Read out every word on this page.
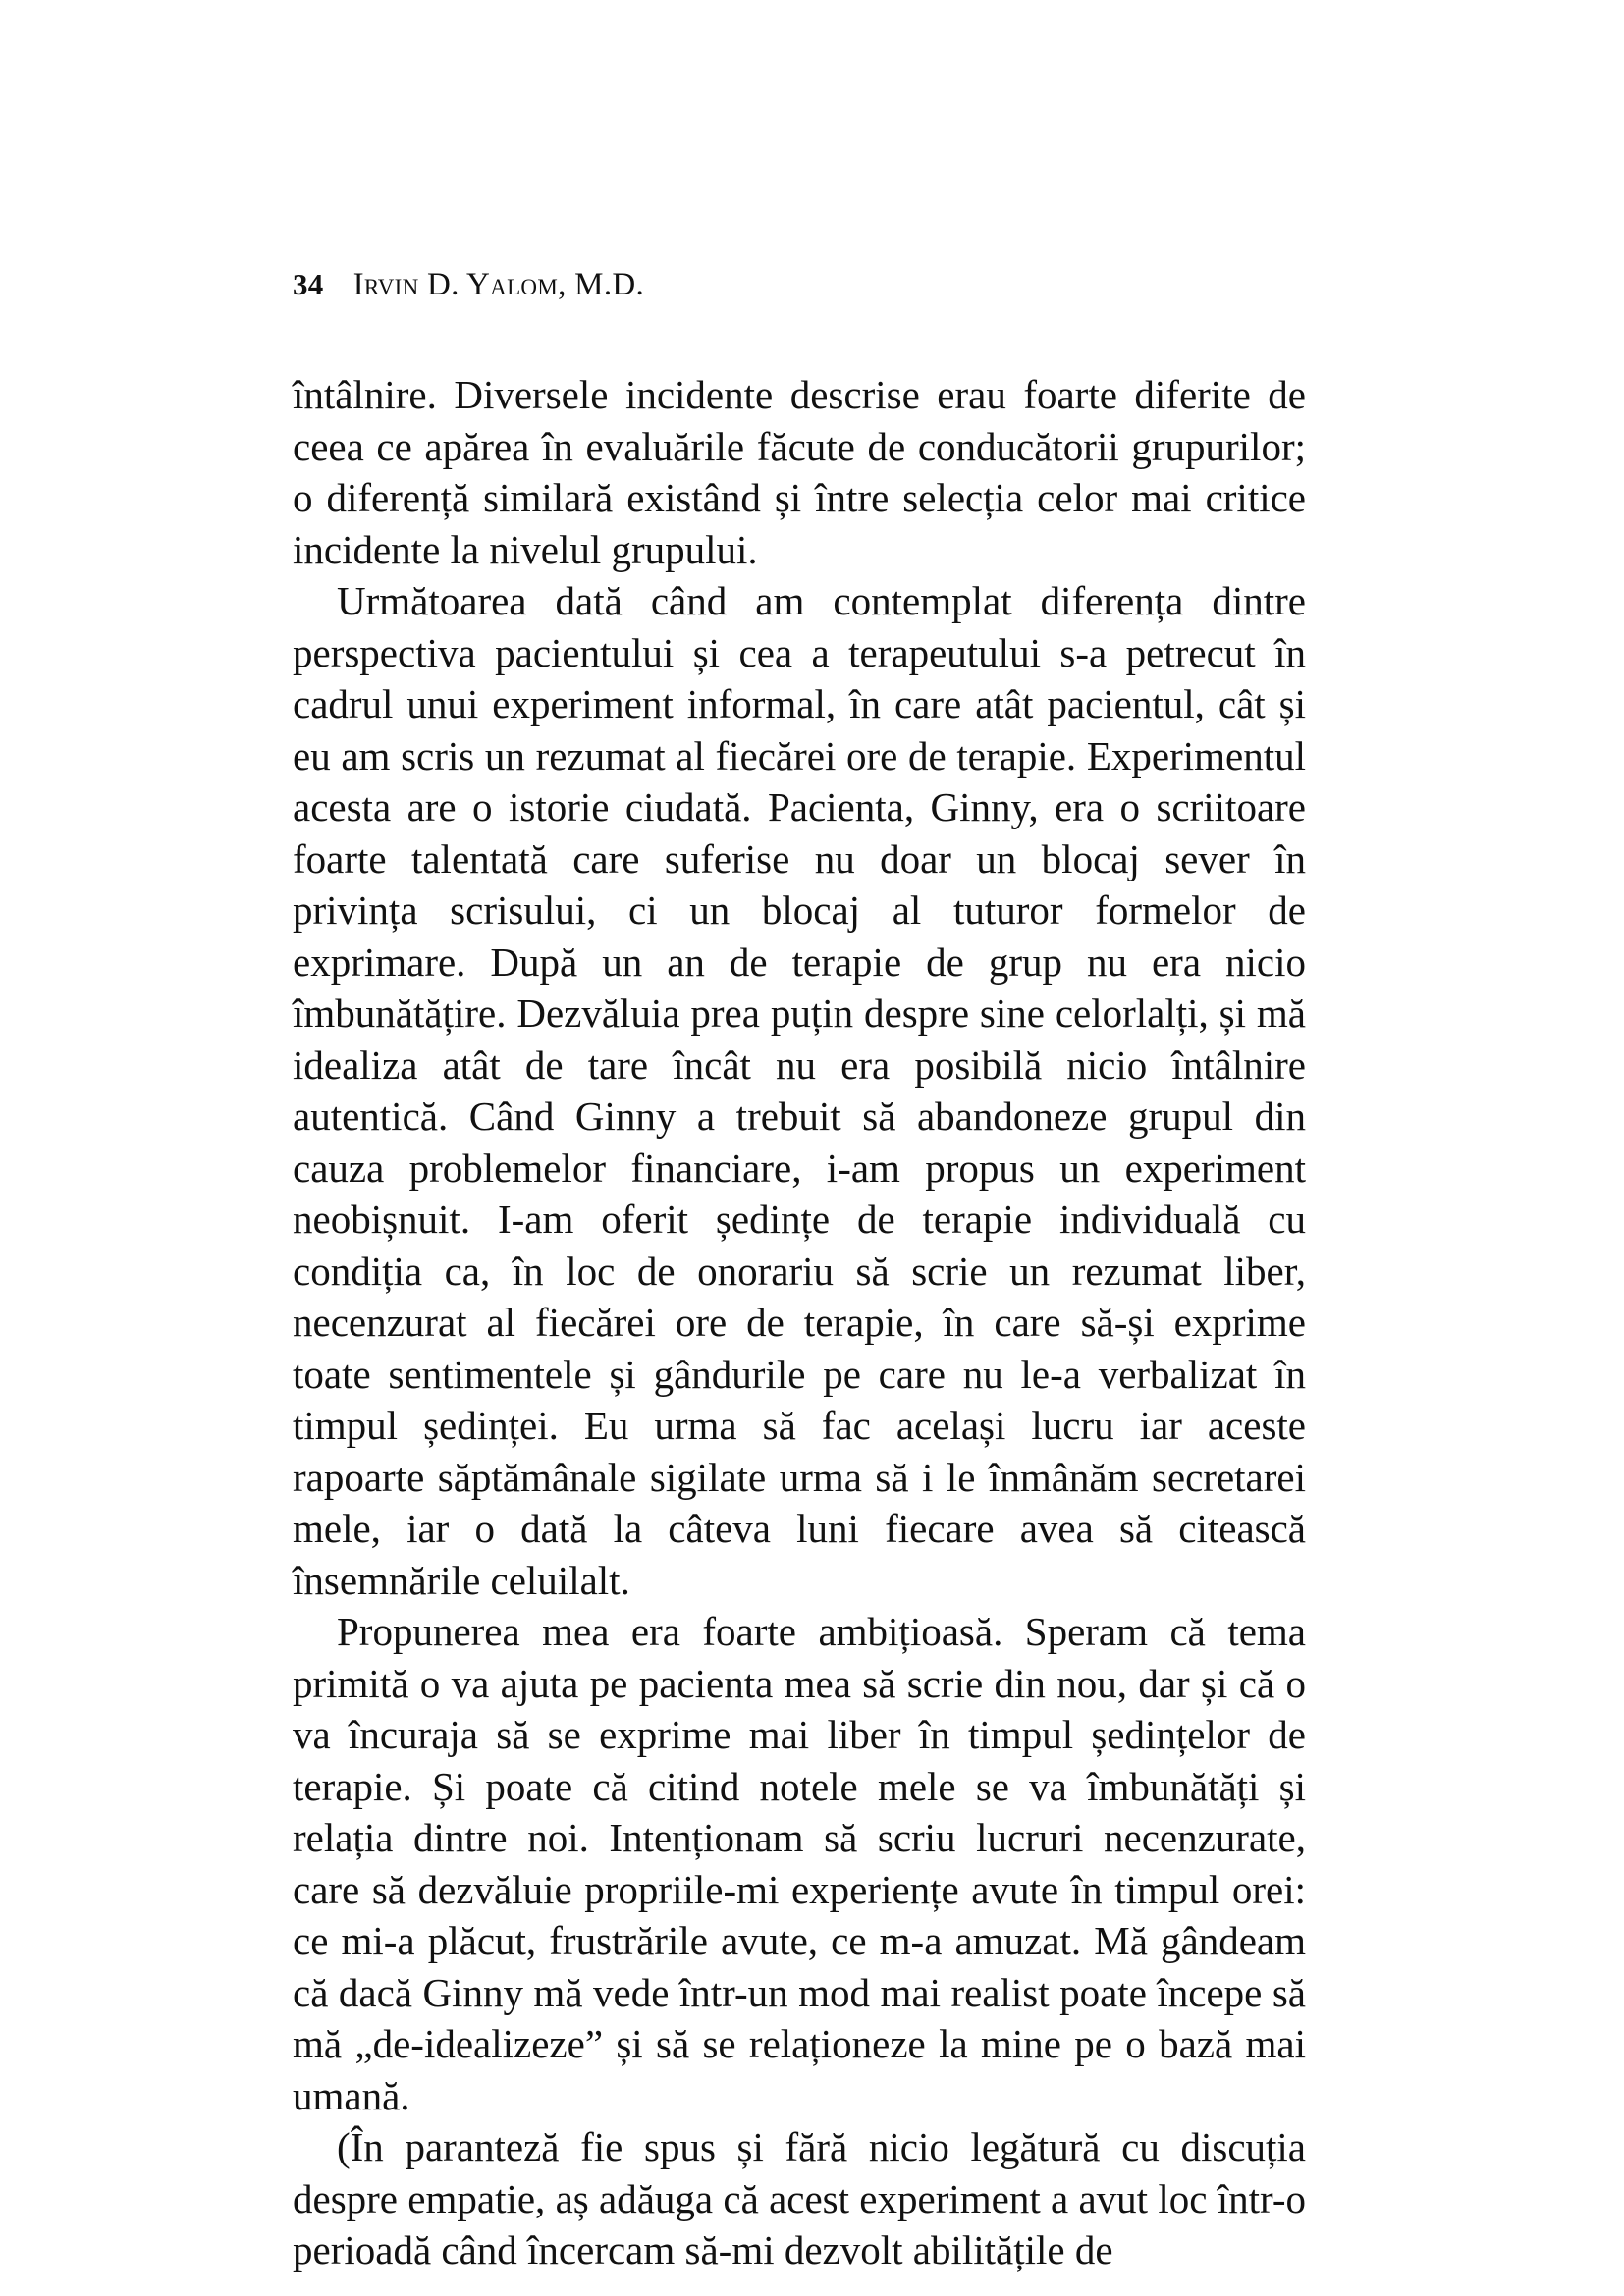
34 Irvin D. Yalom, M.D.

întâlnire. Diversele incidente descrise erau foarte diferite de ceea ce apărea în evaluările făcute de conducătorii grupurilor; o diferență similară existând și între selecția celor mai critice incidente la nivelul grupului.

Următoarea dată când am contemplat diferența dintre perspectiva pacientului și cea a terapeutului s-a petrecut în cadrul unui experiment informal, în care atât pacientul, cât și eu am scris un rezumat al fiecărei ore de terapie. Experimentul acesta are o istorie ciudată. Pacienta, Ginny, era o scriitoare foarte talentată care suferise nu doar un blocaj sever în privința scrisului, ci un blocaj al tuturor formelor de exprimare. După un an de terapie de grup nu era nicio îmbunătățire. Dezvăluia prea puțin despre sine celorlalți, și mă idealiza atât de tare încât nu era posibilă nicio întâlnire autentică. Când Ginny a trebuit să abandoneze grupul din cauza problemelor financiare, i-am propus un experiment neobișnuit. I-am oferit ședințe de terapie individuală cu condiția ca, în loc de onorariu să scrie un rezumat liber, necenzurat al fiecărei ore de terapie, în care să-și exprime toate sentimentele și gândurile pe care nu le-a verbalizat în timpul ședinței. Eu urma să fac același lucru iar aceste rapoarte săptămânale sigilate urma să i le înmânăm secretarei mele, iar o dată la câteva luni fiecare avea să citească însemnările celuilalt.

Propunerea mea era foarte ambițioasă. Speram că tema primită o va ajuta pe pacienta mea să scrie din nou, dar și că o va încuraja să se exprime mai liber în timpul ședințelor de terapie. Și poate că citind notele mele se va îmbunătăți și relația dintre noi. Intenționam să scriu lucruri necenzurate, care să dezvăluie propriile-mi experiențe avute în timpul orei: ce mi-a plăcut, frustrările avute, ce m-a amuzat. Mă gândeam că dacă Ginny mă vede într-un mod mai realist poate începe să mă „de-idealizeze” și să se relaționeze la mine pe o bază mai umană.

(În paranteză fie spus și fără nicio legătură cu discuția despre empatie, aș adăuga că acest experiment a avut loc într-o perioadă când încercam să-mi dezvolt abilitățile de
